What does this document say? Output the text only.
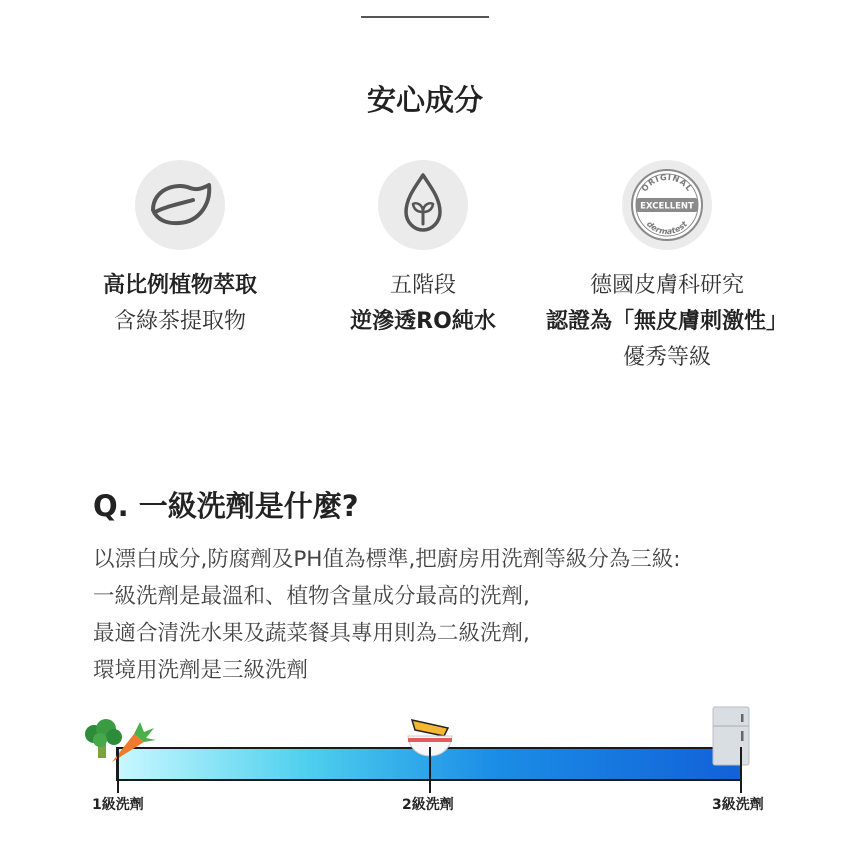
安心成分
高比例植物萃取
含綠茶提取物
五階段
逆滲透RO純水
ORIGINAL
EXCELLENT
dermatest
德國皮膚科研究
認證為「無皮膚刺激性」
優秀等級
Q. 一級洗劑是什麼?
以漂白成分,防腐劑及PH值為標準,把廚房用洗劑等級分為三級:
一級洗劑是最溫和、植物含量成分最高的洗劑,
最適合清洗水果及蔬菜餐具專用則為二級洗劑,
環境用洗劑是三級洗劑
1級洗劑	2級洗劑	3級洗劑
